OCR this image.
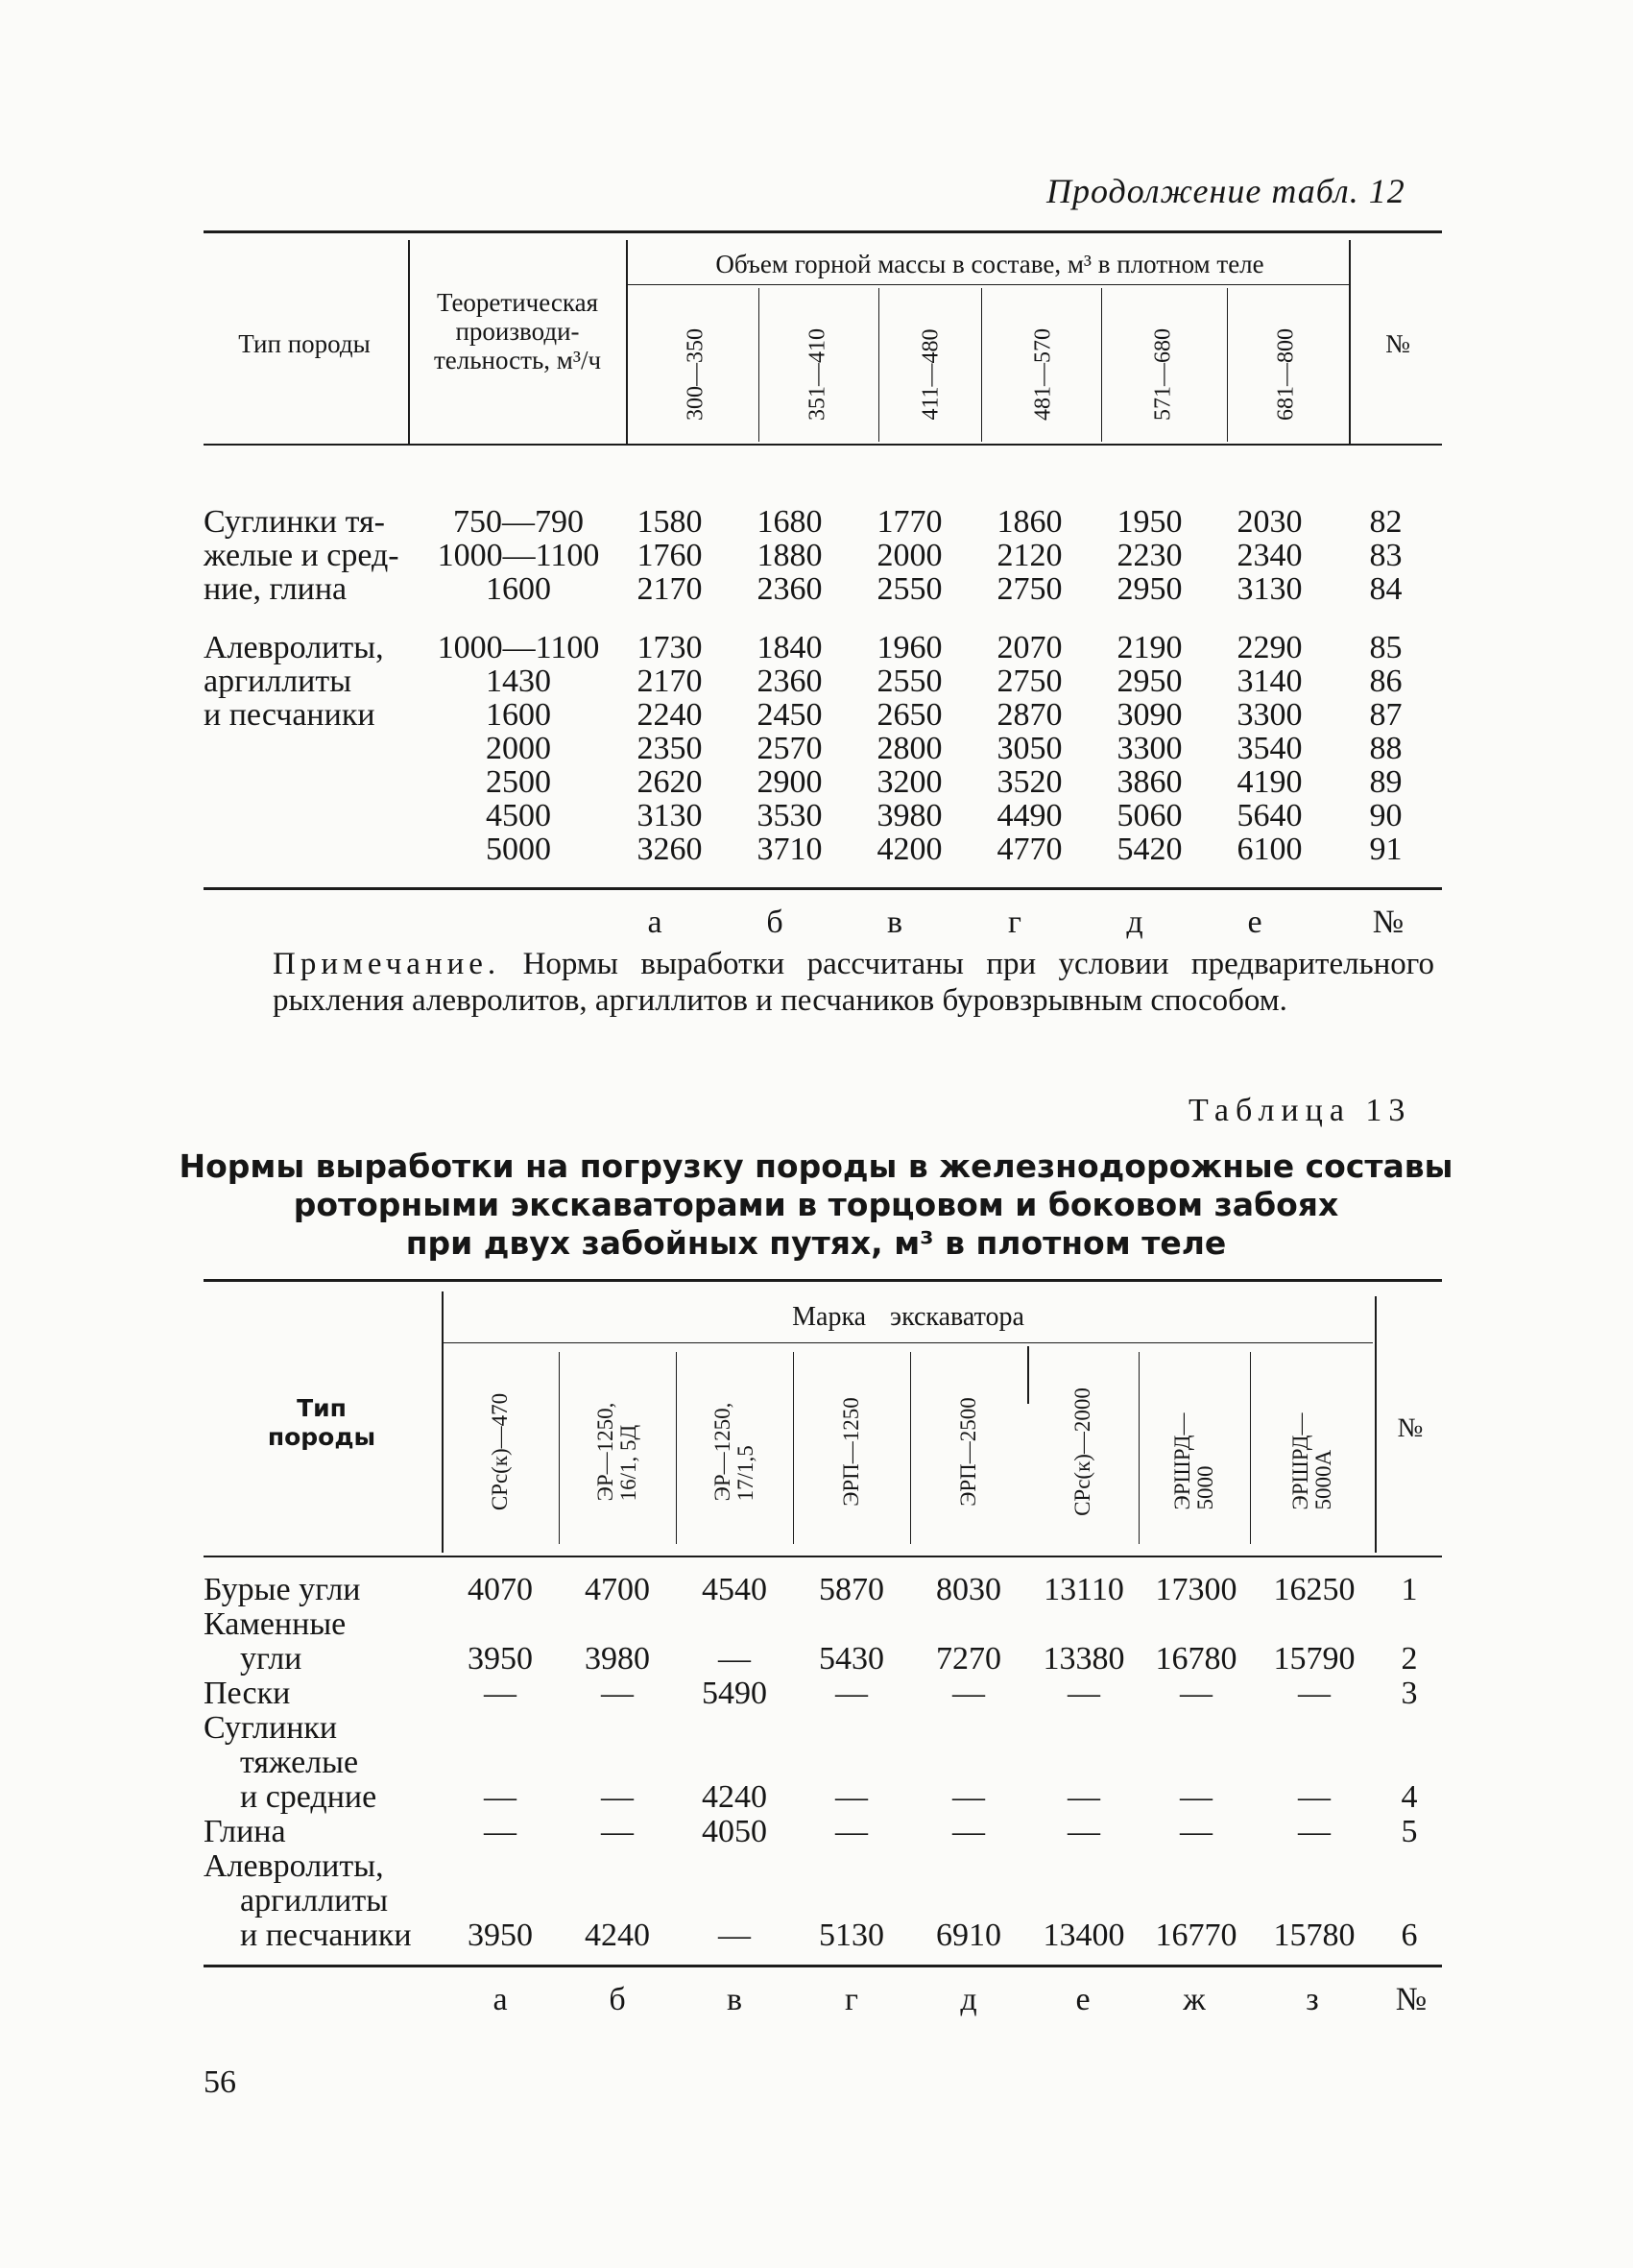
Продолжение табл. 12
Тип породы
Теоретическая производи- тельность, м³/ч
Объем горной массы в составе, м³ в плотном теле
№
300—350	351—410	411—480	481—570	571—680	681—800
Суглинки тя-	750—790	1580	1680	1770	1860	1950	2030	82
желые и сред-	1000—1100	1760	1880	2000	2120	2230	2340	83
ние, глина	1600	2170	2360	2550	2750	2950	3130	84

Алевролиты,	1000—1100	1730	1840	1960	2070	2190	2290	85
аргиллиты	1430	2170	2360	2550	2750	2950	3140	86
и песчаники	1600	2240	2450	2650	2870	3090	3300	87
	2000	2350	2570	2800	3050	3300	3540	88
	2500	2620	2900	3200	3520	3860	4190	89
	4500	3130	3530	3980	4490	5060	5640	90
	5000	3260	3710	4200	4770	5420	6100	91
а	б	в	г	д	е	№
Примечание. Нормы выработки рассчитаны при условии предварительного рыхления алевролитов, аргиллитов и песчаников буровзрывным способом.
Таблица 13
Нормы выработки на погрузку породы в железнодорожные составы
роторными экскаваторами в торцовом и боковом забоях
при двух забойных путях, м³ в плотном теле
Тип
породы
Марка экскаватора
№
СРс(к)—470	ЭР—1250, 16/1, 5Д	ЭР—1250, 17/1,5	ЭРП—1250	ЭРП—2500	СРс(к)—2000	ЭРШРД— 5000	ЭРШРД— 5000А
Бурые угли	4070	4700	4540	5870	8030	13110	17300	16250	1
Каменные									
угли	3950	3980	—	5430	7270	13380	16780	15790	2
Пески	—	—	5490	—	—	—	—	—	3
Суглинки									
тяжелые									
и средние	—	—	4240	—	—	—	—	—	4
Глина	—	—	4050	—	—	—	—	—	5
Алевролиты,									
аргиллиты									
и песчаники	3950	4240	—	5130	6910	13400	16770	15780	6
а	б	в	г	д	е	ж	з №
56
